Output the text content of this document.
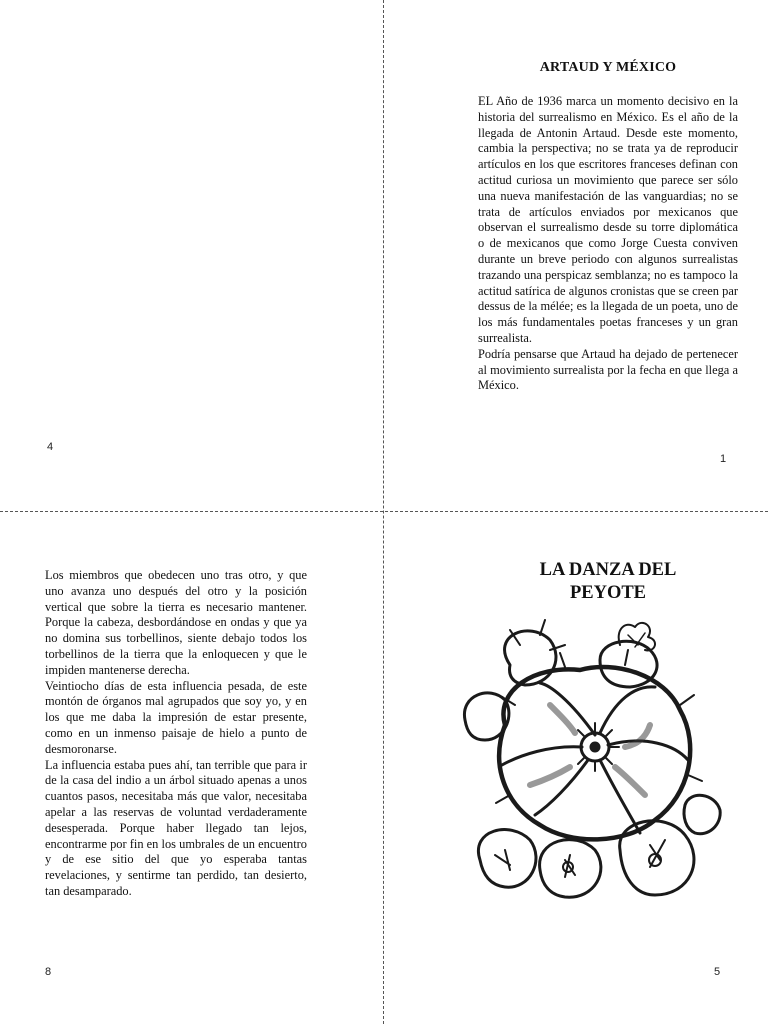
4
ARTAUD Y MÉXICO

EL Año de 1936 marca un momento decisivo en la historia del surrealismo en México. Es el año de la llegada de Antonin Artaud. Desde este momento, cambia la perspectiva; no se trata ya de reproducir artículos en los que escritores franceses definan con actitud curiosa un movimiento que parece ser sólo una nueva manifestación de las vanguardias; no se trata de artículos enviados por mexicanos que observan el surrealismo desde su torre diplomática o de mexicanos que como Jorge Cuesta conviven durante un breve periodo con algunos surrealistas trazando una perspicaz semblanza; no es tampoco la actitud satírica de algunos cronistas que se creen par dessus de la mélée; es la llegada de un poeta, uno de los más fundamentales poetas franceses y un gran surrealista.

Podría pensarse que Artaud ha dejado de pertenecer al movimiento surrealista por la fecha en que llega a México.

1

Los miembros que obedecen uno tras otro, y que uno avanza uno después del otro y la posición vertical que sobre la tierra es necesario mantener. Porque la cabeza, desbordándose en ondas y que ya no domina sus torbellinos, siente debajo todos los torbellinos de la tierra que la enloquecen y que le impiden mantenerse derecha.

Veintiocho días de esta influencia pesada, de este montón de órganos mal agrupados que soy yo, y en los que me daba la impresión de estar presente, como en un inmenso paisaje de hielo a punto de desmoronarse.

La influencia estaba pues ahí, tan terrible que para ir de la casa del indio a un árbol situado apenas a unos cuantos pasos, necesitaba más que valor, necesitaba apelar a las reservas de voluntad verdaderamente desesperada. Porque haber llegado tan lejos, encontrarme por fin en los umbrales de un encuentro y de ese sitio del que yo esperaba tantas revelaciones, y sentirme tan perdido, tan desierto, tan desamparado.

8
LA DANZA DEL
PEYOTE
5
